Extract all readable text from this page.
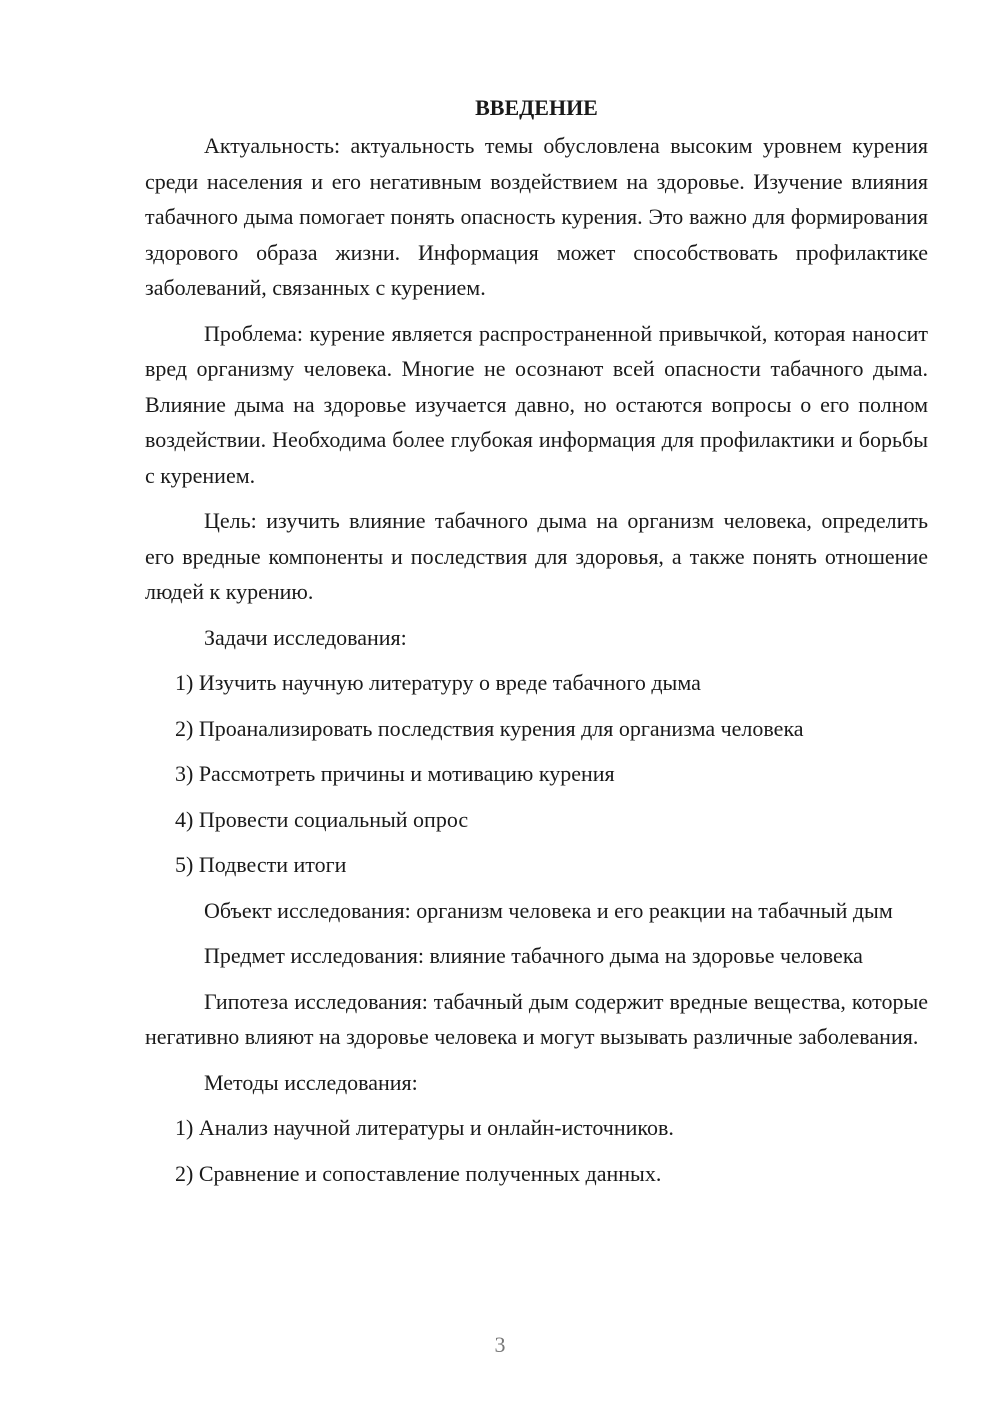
ВВЕДЕНИЕ

Актуальность: актуальность темы обусловлена высоким уровнем курения среди населения и его негативным воздействием на здоровье. Изучение влияния табачного дыма помогает понять опасность курения. Это важно для формирования здорового образа жизни. Информация может способствовать профилактике заболеваний, связанных с курением.

Проблема: курение является распространенной привычкой, которая наносит вред организму человека. Многие не осознают всей опасности табачного дыма. Влияние дыма на здоровье изучается давно, но остаются вопросы о его полном воздействии. Необходима более глубокая информация для профилактики и борьбы с курением.

Цель: изучить влияние табачного дыма на организм человека, определить его вредные компоненты и последствия для здоровья, а также понять отношение людей к курению.

Задачи исследования:
1) Изучить научную литературу о вреде табачного дыма
2) Проанализировать последствия курения для организма человека
3) Рассмотреть причины и мотивацию курения
4) Провести социальный опрос
5) Подвести итоги

Объект исследования: организм человека и его реакции на табачный дым

Предмет исследования: влияние табачного дыма на здоровье человека

Гипотеза исследования: табачный дым содержит вредные вещества, которые негативно влияют на здоровье человека и могут вызывать различные заболевания.

Методы исследования:
1) Анализ научной литературы и онлайн-источников.
2) Сравнение и сопоставление полученных данных.
3
